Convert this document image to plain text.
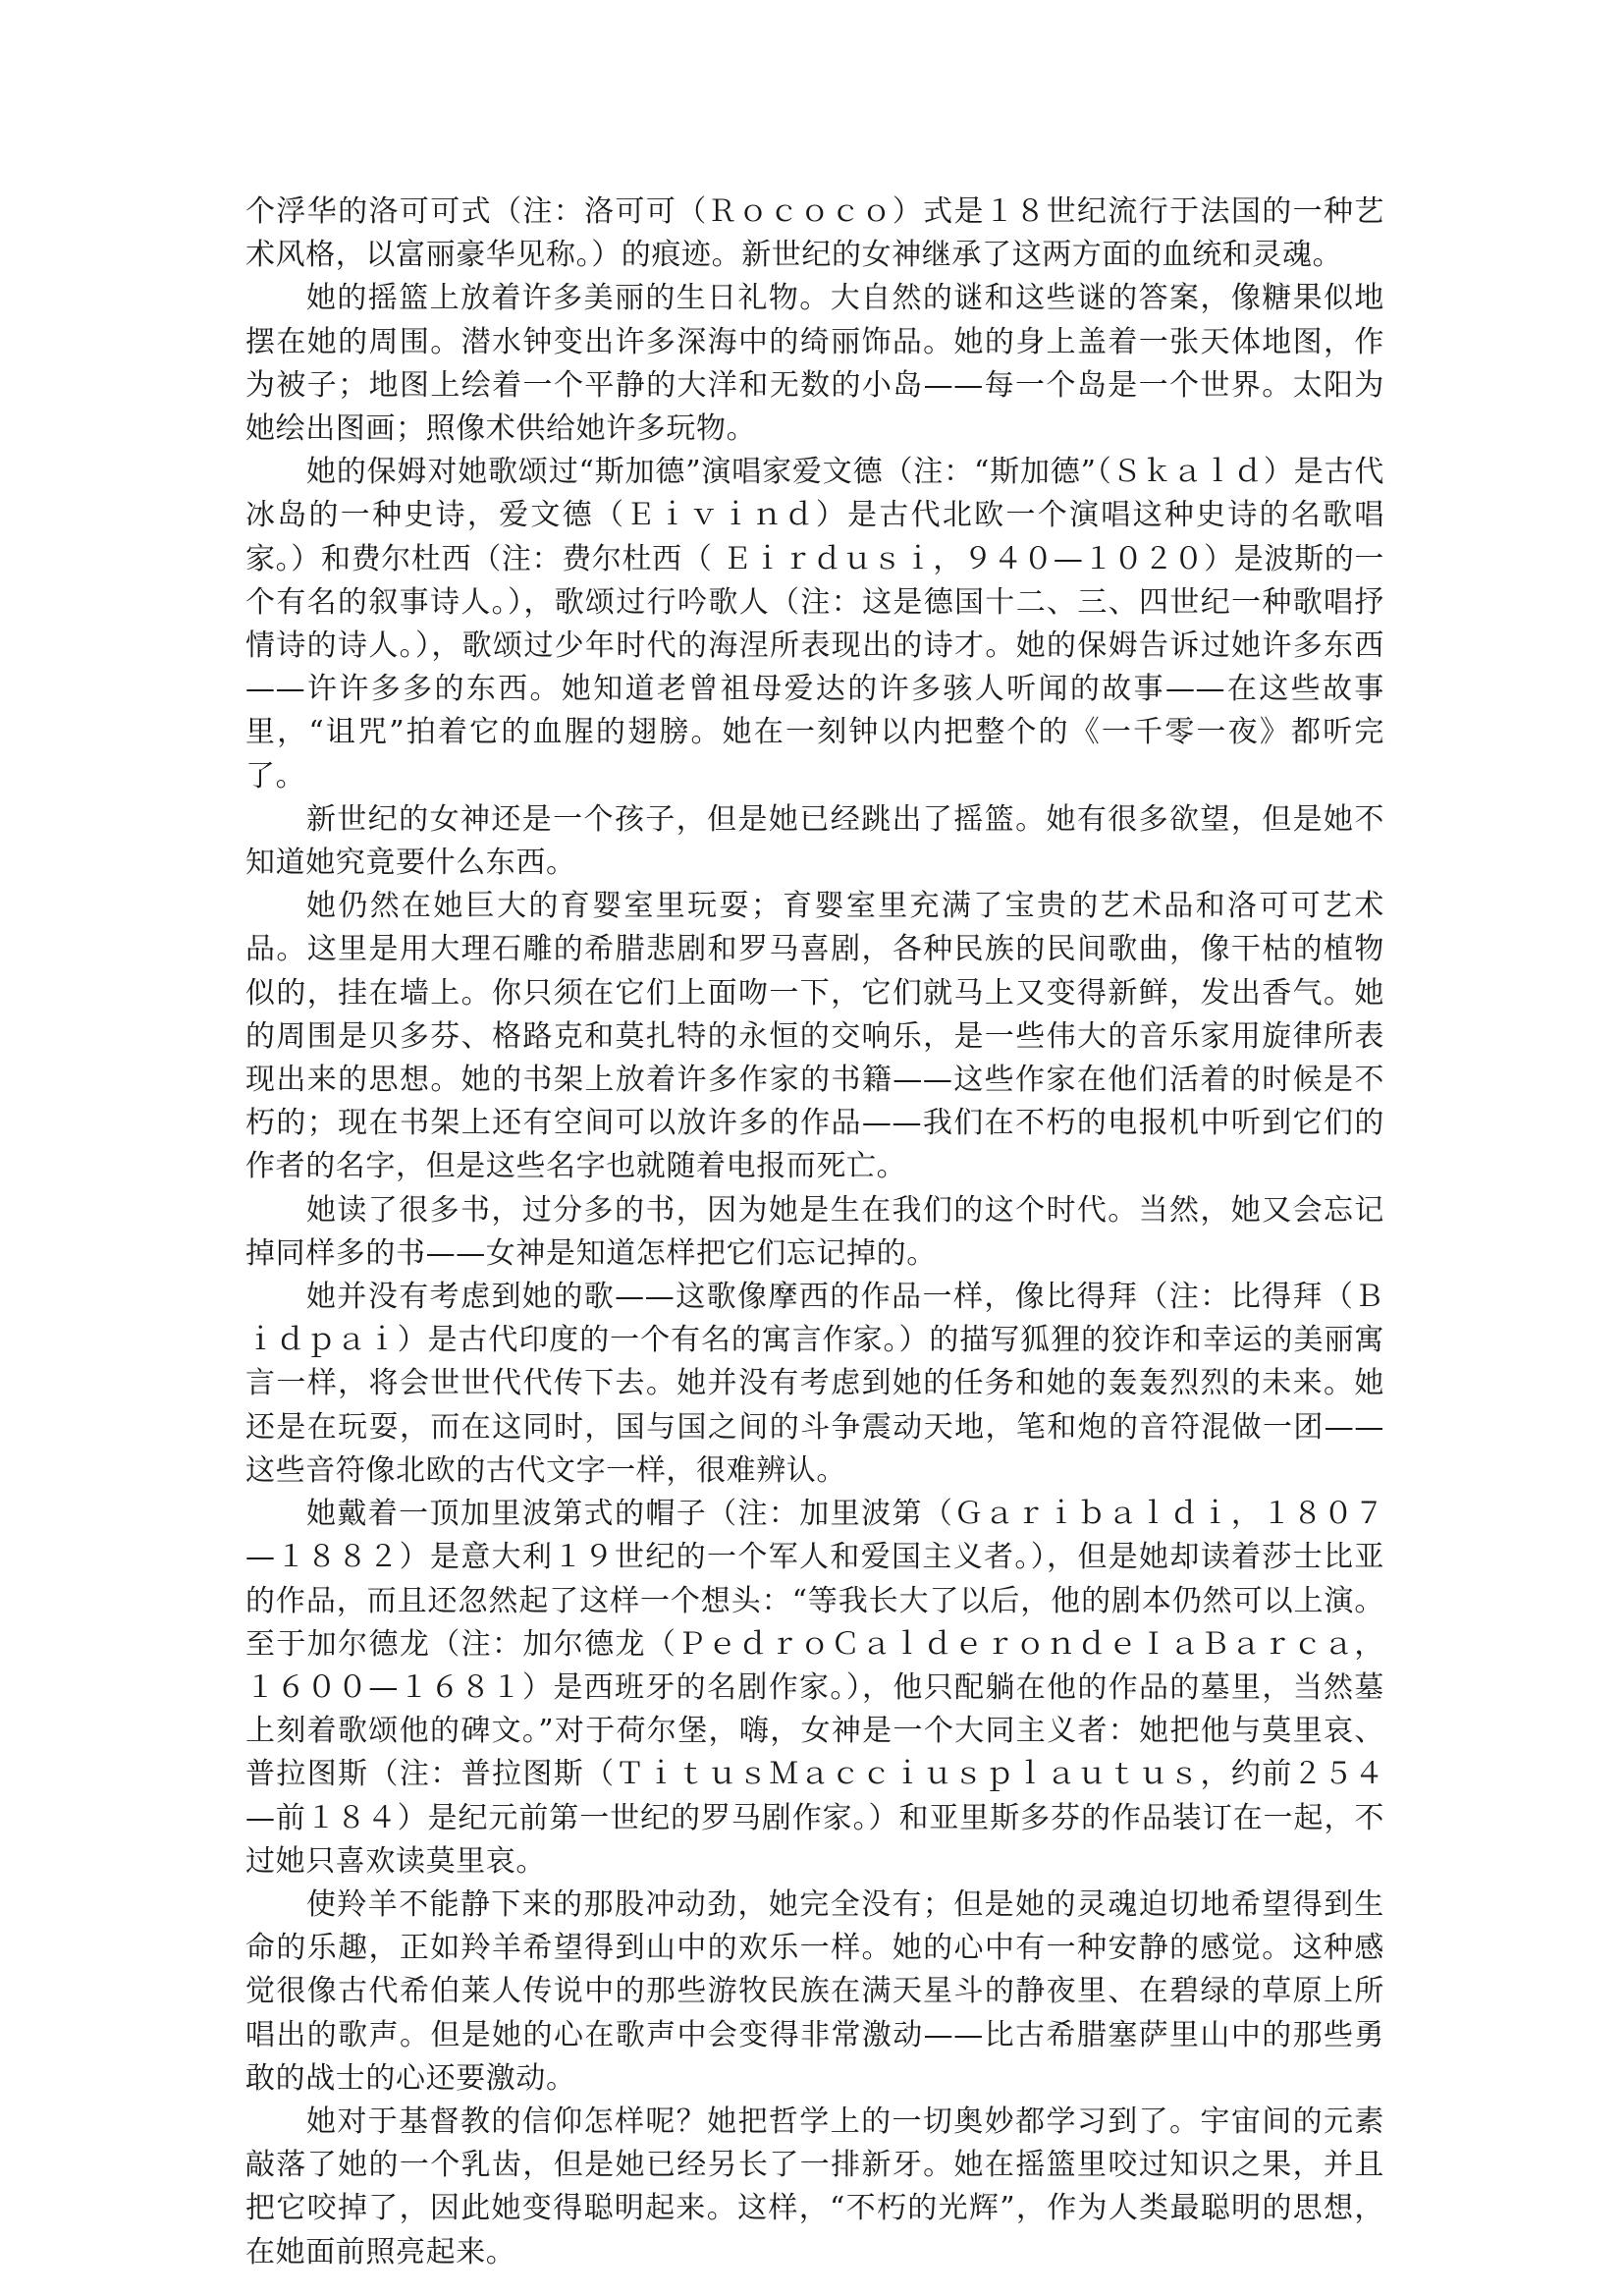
个浮华的洛可可式（注：洛可可（Ｒｏｃｏｃｏ）式是１８世纪流行于法国的一种艺术风格，以富丽豪华见称。）的痕迹。新世纪的女神继承了这两方面的血统和灵魂。

她的摇篮上放着许多美丽的生日礼物。大自然的谜和这些谜的答案，像糖果似地摆在她的周围。潜水钟变出许多深海中的绮丽饰品。她的身上盖着一张天体地图，作为被子；地图上绘着一个平静的大洋和无数的小岛——每一个岛是一个世界。太阳为她绘出图画；照像术供给她许多玩物。

她的保姆对她歌颂过“斯加德”演唱家爱文德（注：“斯加德”（Ｓｋａｌｄ）是古代冰岛的一种史诗，爱文德（Ｅｉｖｉｎｄ）是古代北欧一个演唱这种史诗的名歌唱家。）和费尔杜西（注：费尔杜西（ Ｅｉｒｄｕｓｉ，９４０—１０２０）是波斯的一个有名的叙事诗人。），歌颂过行吟歌人（注：这是德国十二、三、四世纪一种歌唱抒情诗的诗人。），歌颂过少年时代的海涅所表现出的诗才。她的保姆告诉过她许多东西——许许多多的东西。她知道老曾祖母爱达的许多骇人听闻的故事——在这些故事里，“诅咒”拍着它的血腥的翅膀。她在一刻钟以内把整个的《一千零一夜》都听完了。

新世纪的女神还是一个孩子，但是她已经跳出了摇篮。她有很多欲望，但是她不知道她究竟要什么东西。

她仍然在她巨大的育婴室里玩耍；育婴室里充满了宝贵的艺术品和洛可可艺术品。这里是用大理石雕的希腊悲剧和罗马喜剧，各种民族的民间歌曲，像干枯的植物似的，挂在墙上。你只须在它们上面吻一下，它们就马上又变得新鲜，发出香气。她的周围是贝多芬、格路克和莫扎特的永恒的交响乐，是一些伟大的音乐家用旋律所表现出来的思想。她的书架上放着许多作家的书籍——这些作家在他们活着的时候是不朽的；现在书架上还有空间可以放许多的作品——我们在不朽的电报机中听到它们的作者的名字，但是这些名字也就随着电报而死亡。

她读了很多书，过分多的书，因为她是生在我们的这个时代。当然，她又会忘记掉同样多的书——女神是知道怎样把它们忘记掉的。

她并没有考虑到她的歌——这歌像摩西的作品一样，像比得拜（注：比得拜（Ｂｉｄｐａｉ）是古代印度的一个有名的寓言作家。）的描写狐狸的狡诈和幸运的美丽寓言一样，将会世世代代传下去。她并没有考虑到她的任务和她的轰轰烈烈的未来。她还是在玩耍，而在这同时，国与国之间的斗争震动天地，笔和炮的音符混做一团——这些音符像北欧的古代文字一样，很难辨认。

她戴着一顶加里波第式的帽子（注：加里波第（Ｇａｒｉｂａｌｄｉ，１８０７—１８８２）是意大利１９世纪的一个军人和爱国主义者。），但是她却读着莎士比亚的作品，而且还忽然起了这样一个想头：“等我长大了以后，他的剧本仍然可以上演。至于加尔德龙（注：加尔德龙（ＰｅｄｒｏＣａｌｄｅｒｏｎｄｅＩａＢａｒｃａ，１６００—１６８１）是西班牙的名剧作家。），他只配躺在他的作品的墓里，当然墓上刻着歌颂他的碑文。”对于荷尔堡，嗨，女神是一个大同主义者：她把他与莫里哀、普拉图斯（注：普拉图斯（ＴｉｔｕｓＭａｃｃｉｕｓｐｌａｕｔｕｓ，约前２５４—前１８４）是纪元前第一世纪的罗马剧作家。）和亚里斯多芬的作品装订在一起，不过她只喜欢读莫里哀。

使羚羊不能静下来的那股冲动劲，她完全没有；但是她的灵魂迫切地希望得到生命的乐趣，正如羚羊希望得到山中的欢乐一样。她的心中有一种安静的感觉。这种感觉很像古代希伯莱人传说中的那些游牧民族在满天星斗的静夜里、在碧绿的草原上所唱出的歌声。但是她的心在歌声中会变得非常激动——比古希腊塞萨里山中的那些勇敢的战士的心还要激动。

她对于基督教的信仰怎样呢？她把哲学上的一切奥妙都学习到了。宇宙间的元素敲落了她的一个乳齿，但是她已经另长了一排新牙。她在摇篮里咬过知识之果，并且把它咬掉了，因此她变得聪明起来。这样，“不朽的光辉”，作为人类最聪明的思想，在她面前照亮起来。
